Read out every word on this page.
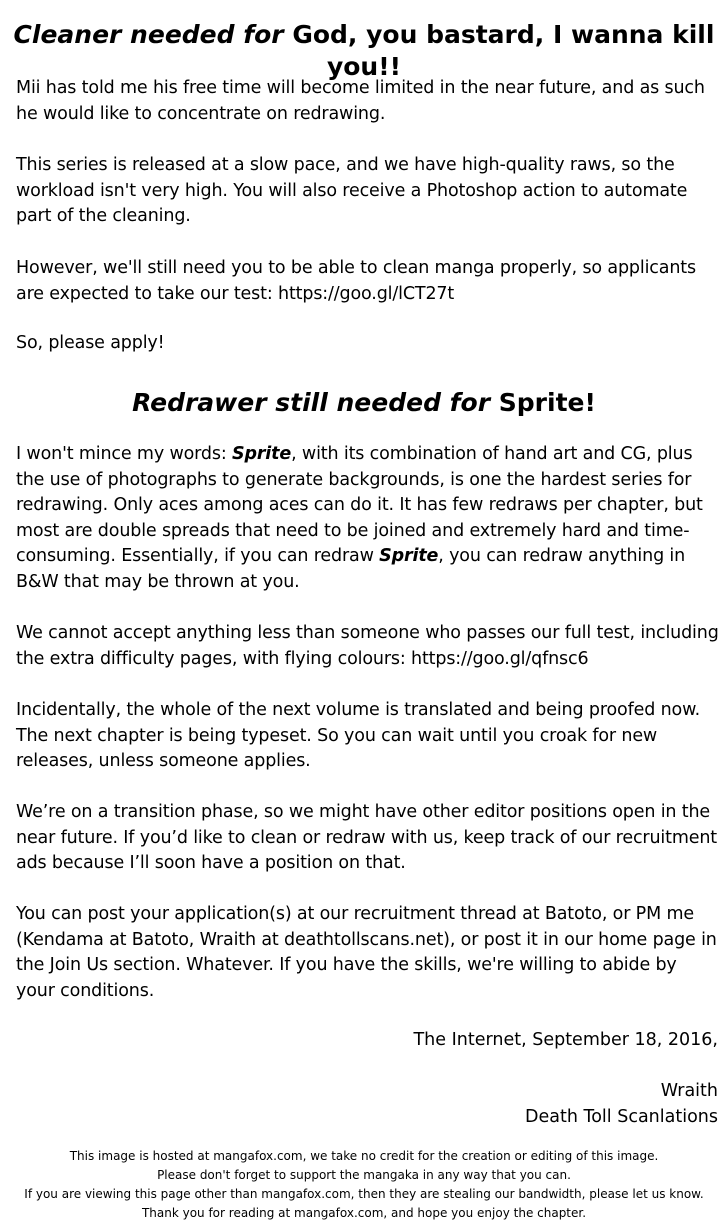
Cleaner needed for God, you bastard, I wanna kill you!!

Mii has told me his free time will become limited in the near future, and as such he would like to concentrate on redrawing.

This series is released at a slow pace, and we have high-quality raws, so the workload isn't very high. You will also receive a Photoshop action to automate part of the cleaning.

However, we'll still need you to be able to clean manga properly, so applicants are expected to take our test: https://goo.gl/lCT27t

So, please apply!

Redrawer still needed for Sprite!

I won't mince my words: Sprite, with its combination of hand art and CG, plus the use of photographs to generate backgrounds, is one the hardest series for redrawing. Only aces among aces can do it. It has few redraws per chapter, but most are double spreads that need to be joined and extremely hard and time-consuming. Essentially, if you can redraw Sprite, you can redraw anything in B&W that may be thrown at you.

We cannot accept anything less than someone who passes our full test, including the extra difficulty pages, with flying colours: https://goo.gl/qfnsc6

Incidentally, the whole of the next volume is translated and being proofed now. The next chapter is being typeset. So you can wait until you croak for new releases, unless someone applies.

We’re on a transition phase, so we might have other editor positions open in the near future. If you’d like to clean or redraw with us, keep track of our recruitment ads because I’ll soon have a position on that.

You can post your application(s) at our recruitment thread at Batoto, or PM me (Kendama at Batoto, Wraith at deathtollscans.net), or post it in our home page in the Join Us section. Whatever. If you have the skills, we're willing to abide by your conditions.

The Internet, September 18, 2016,

Wraith

Death Toll Scanlations

This image is hosted at mangafox.com, we take no credit for the creation or editing of this image.
Please don't forget to support the mangaka in any way that you can.
If you are viewing this page other than mangafox.com, then they are stealing our bandwidth, please let us know.
Thank you for reading at mangafox.com, and hope you enjoy the chapter.
